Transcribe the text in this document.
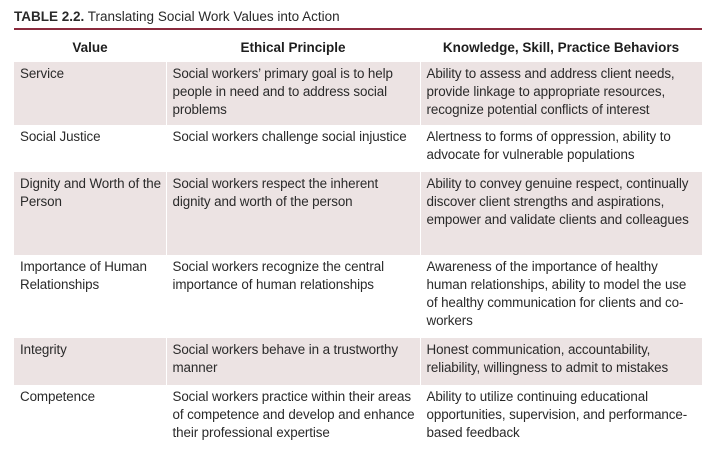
TABLE 2.2. Translating Social Work Values into Action
Value	Ethical Principle	Knowledge, Skill, Practice Behaviors
Service	Social workers’ primary goal is to help people in need and to address social problems	Ability to assess and address client needs, provide linkage to appropriate resources, recognize potential conflicts of interest
Social Justice	Social workers challenge social injustice	Alertness to forms of oppression, ability to advocate for vulnerable populations
Dignity and Worth of the Person	Social workers respect the inherent dignity and worth of the person	Ability to convey genuine respect, continually discover client strengths and aspirations, empower and validate clients and colleagues
Importance of Human Relationships	Social workers recognize the central importance of human relationships	Awareness of the importance of healthy human relationships, ability to model the use of healthy communication for clients and co-workers
Integrity	Social workers behave in a trustworthy manner	Honest communication, accountability, reliability, willingness to admit to mistakes
Competence	Social workers practice within their areas of competence and develop and enhance their professional expertise	Ability to utilize continuing educational opportunities, supervision, and performance-based feedback
